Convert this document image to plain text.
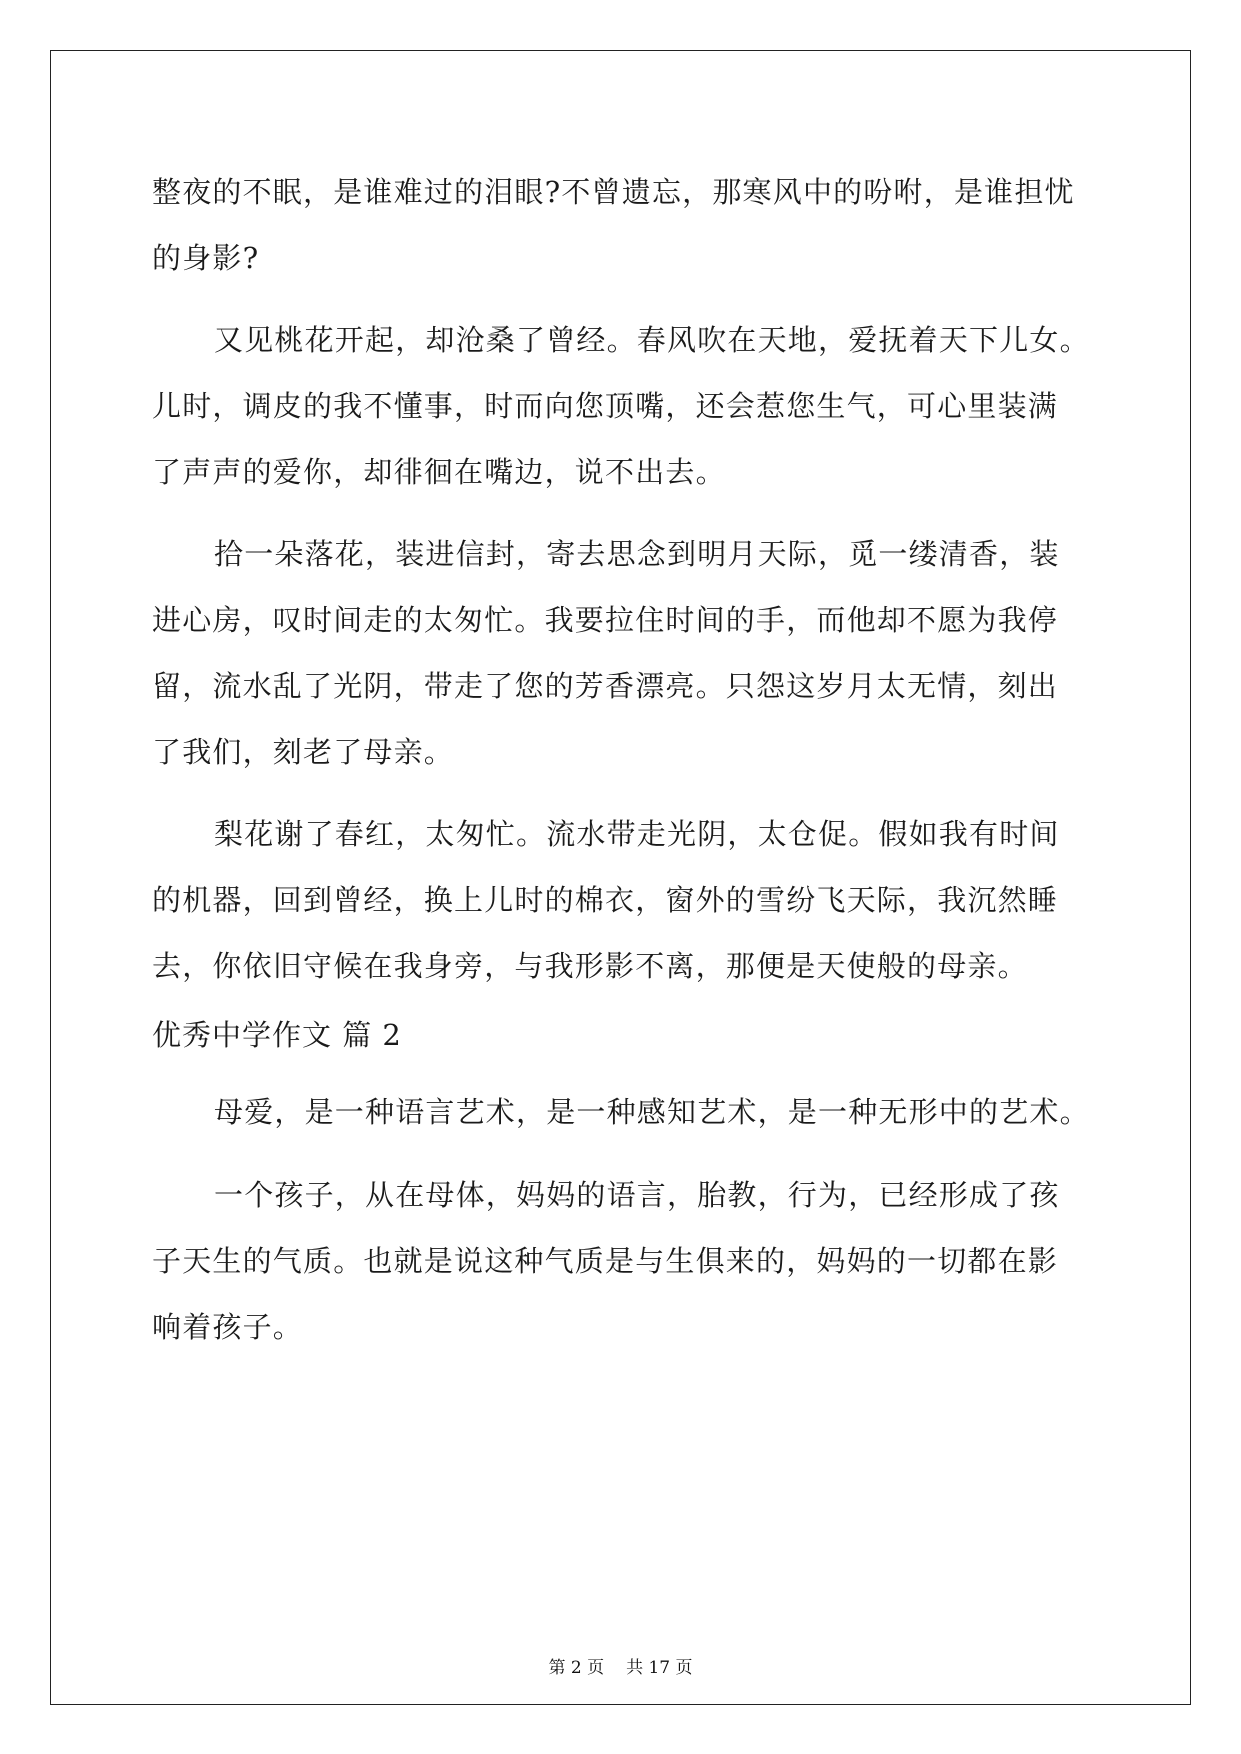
整夜的不眠，是谁难过的泪眼?不曾遗忘，那寒风中的吩咐，是谁担忧
的身影?
又见桃花开起，却沧桑了曾经。春风吹在天地，爱抚着天下儿女。
儿时，调皮的我不懂事，时而向您顶嘴，还会惹您生气，可心里装满
了声声的爱你，却徘徊在嘴边，说不出去。
拾一朵落花，装进信封，寄去思念到明月天际，觅一缕清香，装
进心房，叹时间走的太匆忙。我要拉住时间的手，而他却不愿为我停
留，流水乱了光阴，带走了您的芳香漂亮。只怨这岁月太无情，刻出
了我们，刻老了母亲。
梨花谢了春红，太匆忙。流水带走光阴，太仓促。假如我有时间
的机器，回到曾经，换上儿时的棉衣，窗外的雪纷飞天际，我沉然睡
去，你依旧守候在我身旁，与我形影不离，那便是天使般的母亲。
优秀中学作文 篇 2
母爱，是一种语言艺术，是一种感知艺术，是一种无形中的艺术。
一个孩子，从在母体，妈妈的语言，胎教，行为，已经形成了孩
子天生的气质。也就是说这种气质是与生俱来的，妈妈的一切都在影
响着孩子。
第 2 页 共 17 页
